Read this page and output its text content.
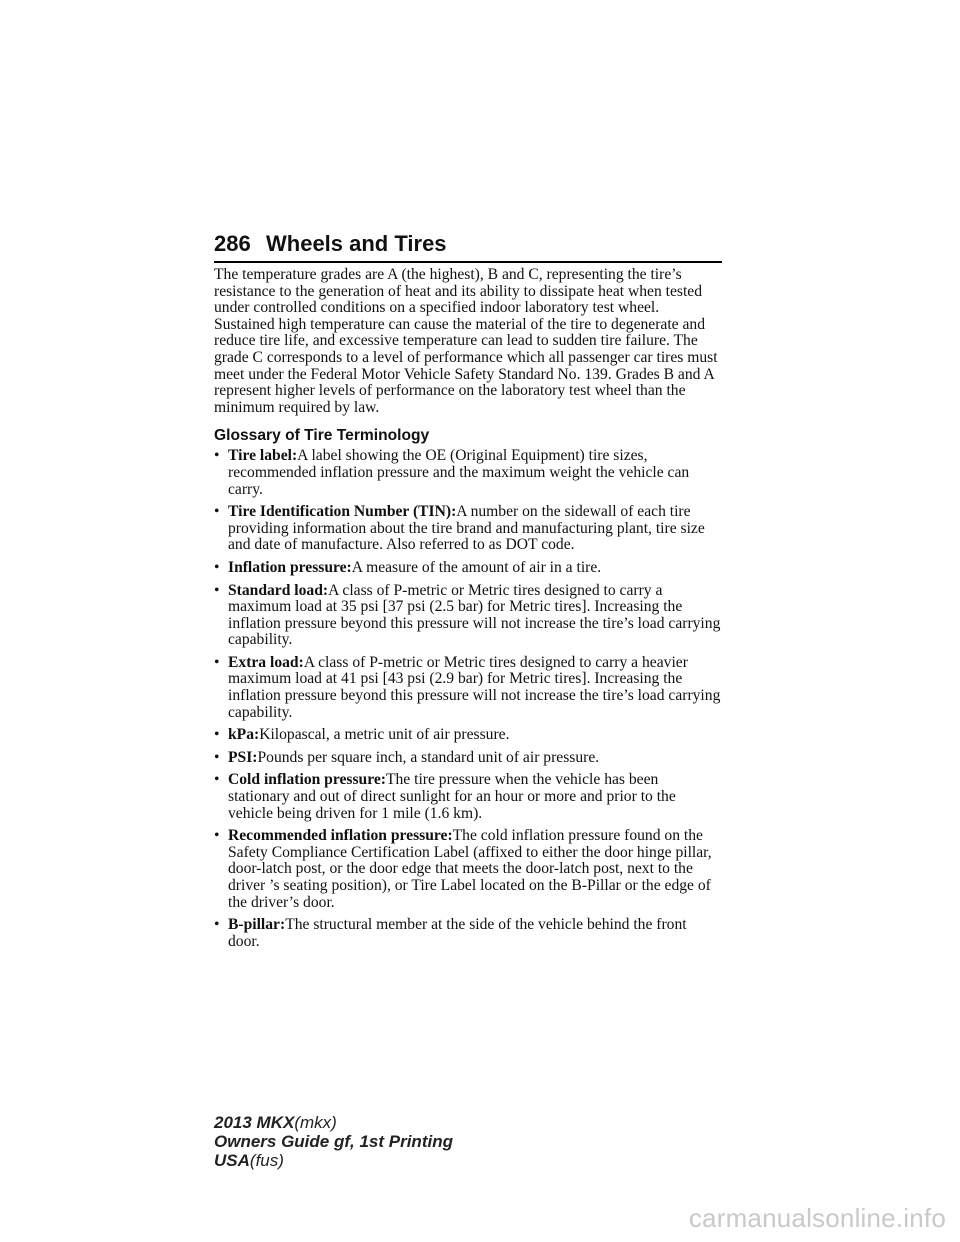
286 Wheels and Tires

The temperature grades are A (the highest), B and C, representing the tire’s resistance to the generation of heat and its ability to dissipate heat when tested under controlled conditions on a specified indoor laboratory test wheel. Sustained high temperature can cause the material of the tire to degenerate and reduce tire life, and excessive temperature can lead to sudden tire failure. The grade C corresponds to a level of performance which all passenger car tires must meet under the Federal Motor Vehicle Safety Standard No. 139. Grades B and A represent higher levels of performance on the laboratory test wheel than the minimum required by law.

Glossary of Tire Terminology
• Tire label:A label showing the OE (Original Equipment) tire sizes, recommended inflation pressure and the maximum weight the vehicle can carry.
• Tire Identification Number (TIN):A number on the sidewall of each tire providing information about the tire brand and manufacturing plant, tire size and date of manufacture. Also referred to as DOT code.
• Inflation pressure:A measure of the amount of air in a tire.
• Standard load:A class of P-metric or Metric tires designed to carry a maximum load at 35 psi [37 psi (2.5 bar) for Metric tires]. Increasing the inflation pressure beyond this pressure will not increase the tire’s load carrying capability.
• Extra load:A class of P-metric or Metric tires designed to carry a heavier maximum load at 41 psi [43 psi (2.9 bar) for Metric tires]. Increasing the inflation pressure beyond this pressure will not increase the tire’s load carrying capability.
• kPa:Kilopascal, a metric unit of air pressure.
• PSI:Pounds per square inch, a standard unit of air pressure.
• Cold inflation pressure:The tire pressure when the vehicle has been stationary and out of direct sunlight for an hour or more and prior to the vehicle being driven for 1 mile (1.6 km).
• Recommended inflation pressure:The cold inflation pressure found on the Safety Compliance Certification Label (affixed to either the door hinge pillar, door-latch post, or the door edge that meets the door-latch post, next to the driver ’s seating position), or Tire Label located on the B-Pillar or the edge of the driver’s door.
• B-pillar:The structural member at the side of the vehicle behind the front door.
2013 MKX(mkx)
Owners Guide gf, 1st Printing
USA(fus)
carmanualsonline.info
